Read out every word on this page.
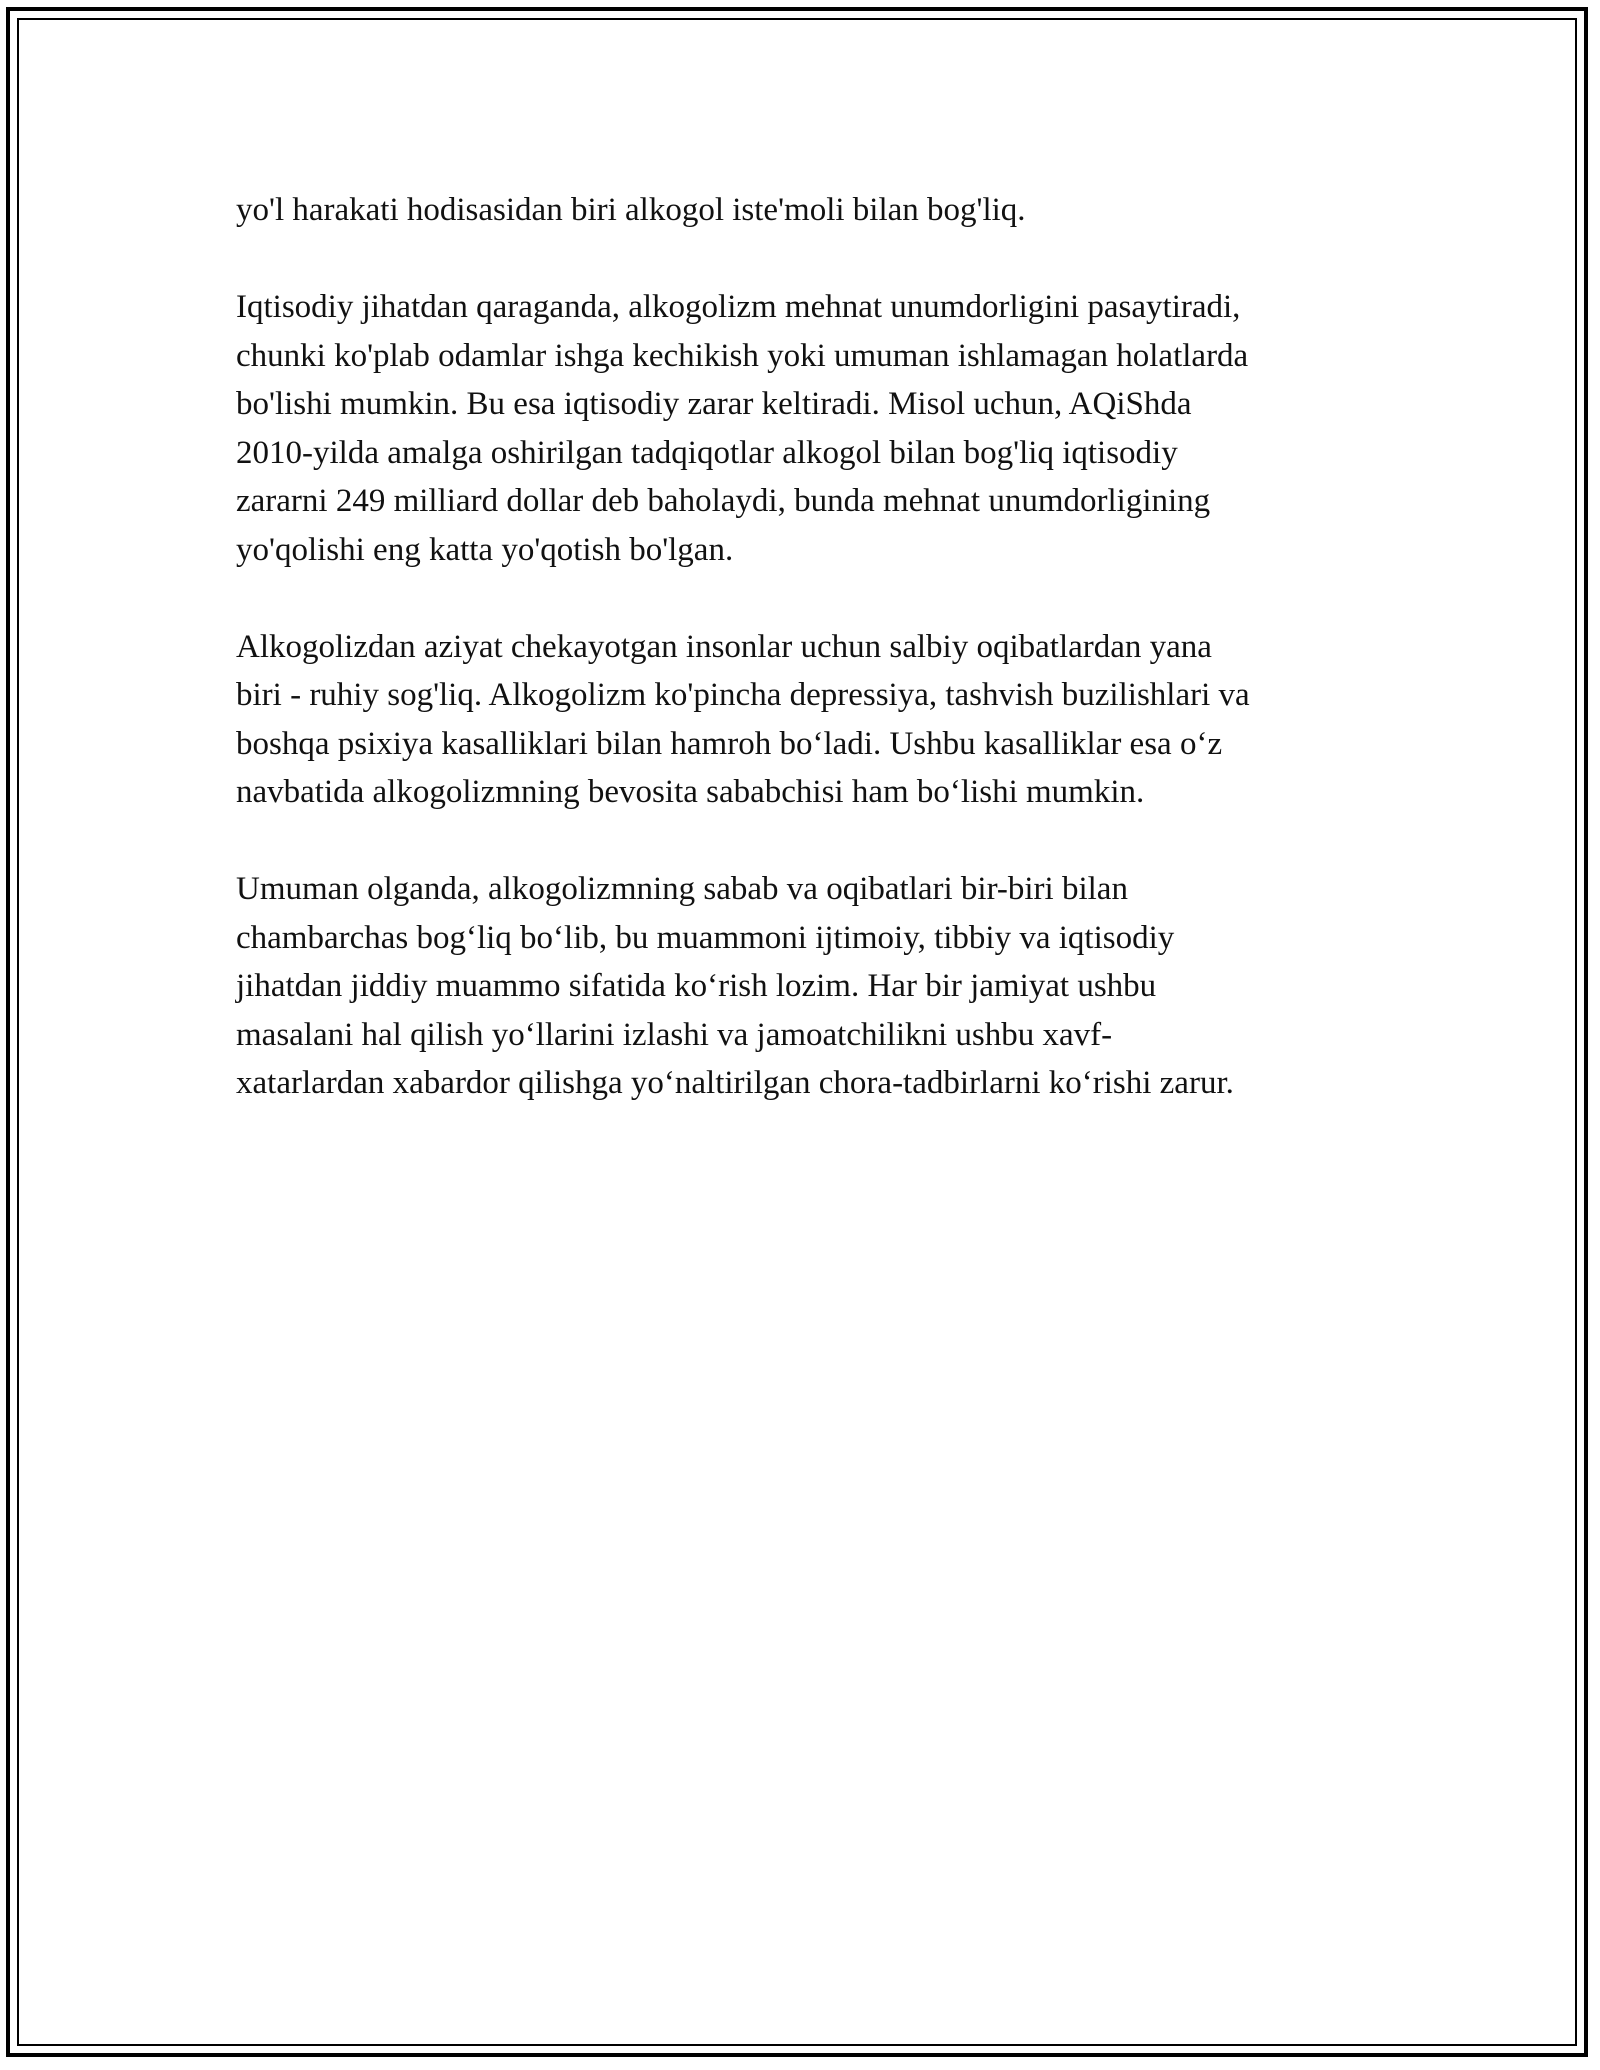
yo'l harakati hodisasidan biri alkogol iste'moli bilan bog'liq.
Iqtisodiy jihatdan qaraganda, alkogolizm mehnat unumdorligini pasaytiradi,
chunki ko'plab odamlar ishga kechikish yoki umuman ishlamagan holatlarda
bo'lishi mumkin. Bu esa iqtisodiy zarar keltiradi. Misol uchun, AQiShda
2010-yilda amalga oshirilgan tadqiqotlar alkogol bilan bog'liq iqtisodiy
zararni 249 milliard dollar deb baholaydi, bunda mehnat unumdorligining
yo'qolishi eng katta yo'qotish bo'lgan.
Alkogolizdan aziyat chekayotgan insonlar uchun salbiy oqibatlardan yana
biri - ruhiy sog'liq. Alkogolizm ko'pincha depressiya, tashvish buzilishlari va
boshqa psixiya kasalliklari bilan hamroh bo‘ladi. Ushbu kasalliklar esa o‘z
navbatida alkogolizmning bevosita sababchisi ham bo‘lishi mumkin.
Umuman olganda, alkogolizmning sabab va oqibatlari bir-biri bilan
chambarchas bog‘liq bo‘lib, bu muammoni ijtimoiy, tibbiy va iqtisodiy
jihatdan jiddiy muammo sifatida ko‘rish lozim. Har bir jamiyat ushbu
masalani hal qilish yo‘llarini izlashi va jamoatchilikni ushbu xavf-
xatarlardan xabardor qilishga yo‘naltirilgan chora-tadbirlarni ko‘rishi zarur.
